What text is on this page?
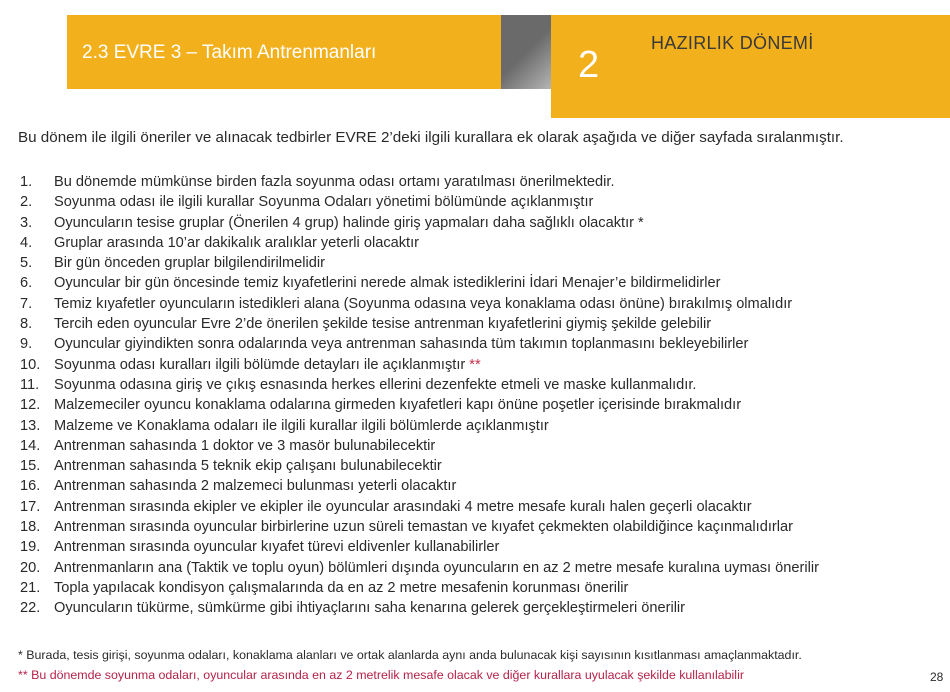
2.3 EVRE 3 – Takım Antrenmanları	2
HAZIRLIK DÖNEMİ
Bu dönem ile ilgili öneriler ve alınacak tedbirler EVRE 2’deki ilgili kurallara ek olarak aşağıda ve diğer sayfada sıralanmıştır.
1.	Bu dönemde mümkünse birden fazla soyunma odası ortamı yaratılması önerilmektedir.
2.	Soyunma odası ile ilgili kurallar Soyunma Odaları yönetimi bölümünde açıklanmıştır
3.	Oyuncuların tesise gruplar (Önerilen 4 grup) halinde giriş yapmaları daha sağlıklı olacaktır *
4.	Gruplar arasında 10’ar dakikalık aralıklar yeterli olacaktır
5.	Bir gün önceden gruplar bilgilendirilmelidir
6.	Oyuncular bir gün öncesinde temiz kıyafetlerini nerede almak istediklerini İdari Menajer’e bildirmelidirler
7.	Temiz kıyafetler oyuncuların istedikleri alana (Soyunma odasına veya konaklama odası önüne) bırakılmış olmalıdır
8.	Tercih eden oyuncular Evre 2’de önerilen şekilde tesise antrenman kıyafetlerini giymiş şekilde gelebilir
9.	Oyuncular giyindikten sonra odalarında veya antrenman sahasında tüm takımın toplanmasını bekleyebilirler
10. Soyunma odası kuralları ilgili bölümde detayları ile açıklanmıştır **
11.	Soyunma odasına giriş ve çıkış esnasında herkes ellerini dezenfekte etmeli ve maske kullanmalıdır.
12. Malzemeciler oyuncu konaklama odalarına girmeden kıyafetleri kapı önüne poşetler içerisinde bırakmalıdır
13. Malzeme ve Konaklama odaları ile ilgili kurallar ilgili bölümlerde açıklanmıştır
14. Antrenman sahasında 1 doktor ve 3 masör bulunabilecektir
15. Antrenman sahasında 5 teknik ekip çalışanı bulunabilecektir
16. Antrenman sahasında 2 malzemeci bulunması yeterli olacaktır
17. Antrenman sırasında ekipler ve ekipler ile oyuncular arasındaki 4 metre mesafe kuralı halen geçerli olacaktır
18. Antrenman sırasında oyuncular birbirlerine uzun süreli temastan ve kıyafet çekmekten olabildiğince kaçınmalıdırlar
19. Antrenman sırasında oyuncular kıyafet türevi eldivenler kullanabilirler
20. Antrenmanların ana (Taktik ve toplu oyun) bölümleri dışında oyuncuların en az 2 metre mesafe kuralına uyması önerilir
21. Topla yapılacak kondisyon çalışmalarında da en az 2 metre mesafenin korunması önerilir
22. Oyuncuların tükürme, sümkürme gibi ihtiyaçlarını saha kenarına gelerek gerçekleştirmeleri önerilir
* Burada, tesis girişi, soyunma odaları, konaklama alanları ve ortak alanlarda aynı anda bulunacak kişi sayısının kısıtlanması amaçlanmaktadır.
** Bu dönemde soyunma odaları, oyuncular arasında en az 2 metrelik mesafe olacak ve diğer kurallara uyulacak şekilde kullanılabilir	28
